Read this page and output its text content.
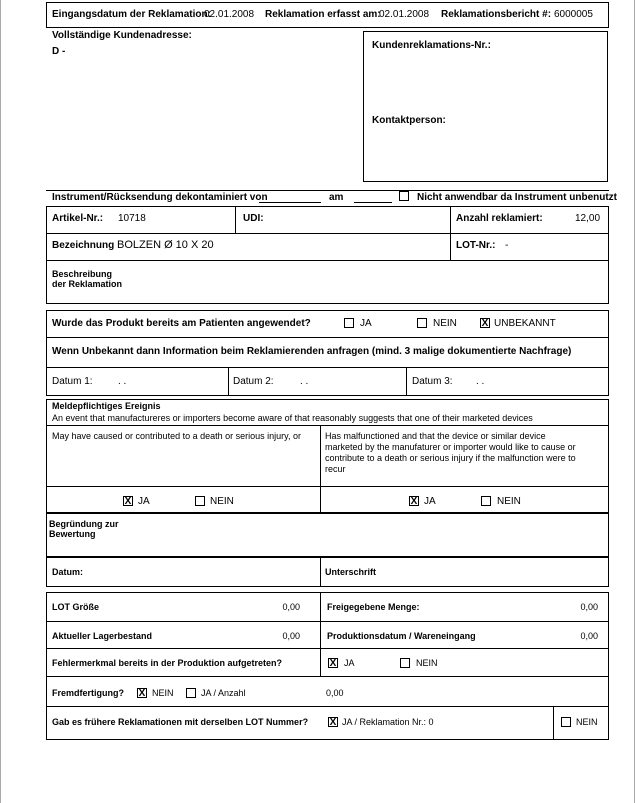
Eingangsdatum der Reklamation:
02.01.2008 Reklamation erfasst am:
02.01.2008 Reklamationsbericht #: 6000005
Vollständige Kundenadresse:
D -
Kundenreklamations-Nr.:
Kontaktperson:
Instrument/Rücksendung dekontaminiert von	am	Nicht anwendbar da Instrument unbenutzt
Artikel-Nr.: 10718	UDI:	Anzahl reklamiert:	12,00
Bezeichnung BOLZEN Ø 10 X 20	LOT-Nr.: -
Beschreibung
der Reklamation
Wurde das Produkt bereits am Patienten angewendet?	JA	NEIN X UNBEKANNT
Wenn Unbekannt dann Information beim Reklamierenden anfragen (mind. 3 malige dokumentierte Nachfrage)
Datum 1:	. .	Datum 2:	. .	Datum 3: . .
Meldepflichtiges Ereignis
An event that manufactureres or importers become aware of that reasonably suggests that one of their marketed devices
May have caused or contributed to a death or serious injury, or	Has malfunctioned and that the device or similar device marketed by the manufaturer or importer would like to cause or contribute to a death or serious injury if the malfunction were to recur
X JA	NEIN	X JA	NEIN
Begründung zur
Bewertung
Datum:	Unterschrift
LOT Größe	0,00	Freigegebene Menge:	0,00
Aktueller Lagerbestand	0,00	Produktionsdatum / Wareneingang	0,00
Fehlermerkmal bereits in der Produktion aufgetreten?	X JA	NEIN
Fremdfertigung? X NEIN	JA / Anzahl	0,00
Gab es frühere Reklamationen mit derselben LOT Nummer? X JA / Reklamation Nr.: 0	NEIN
